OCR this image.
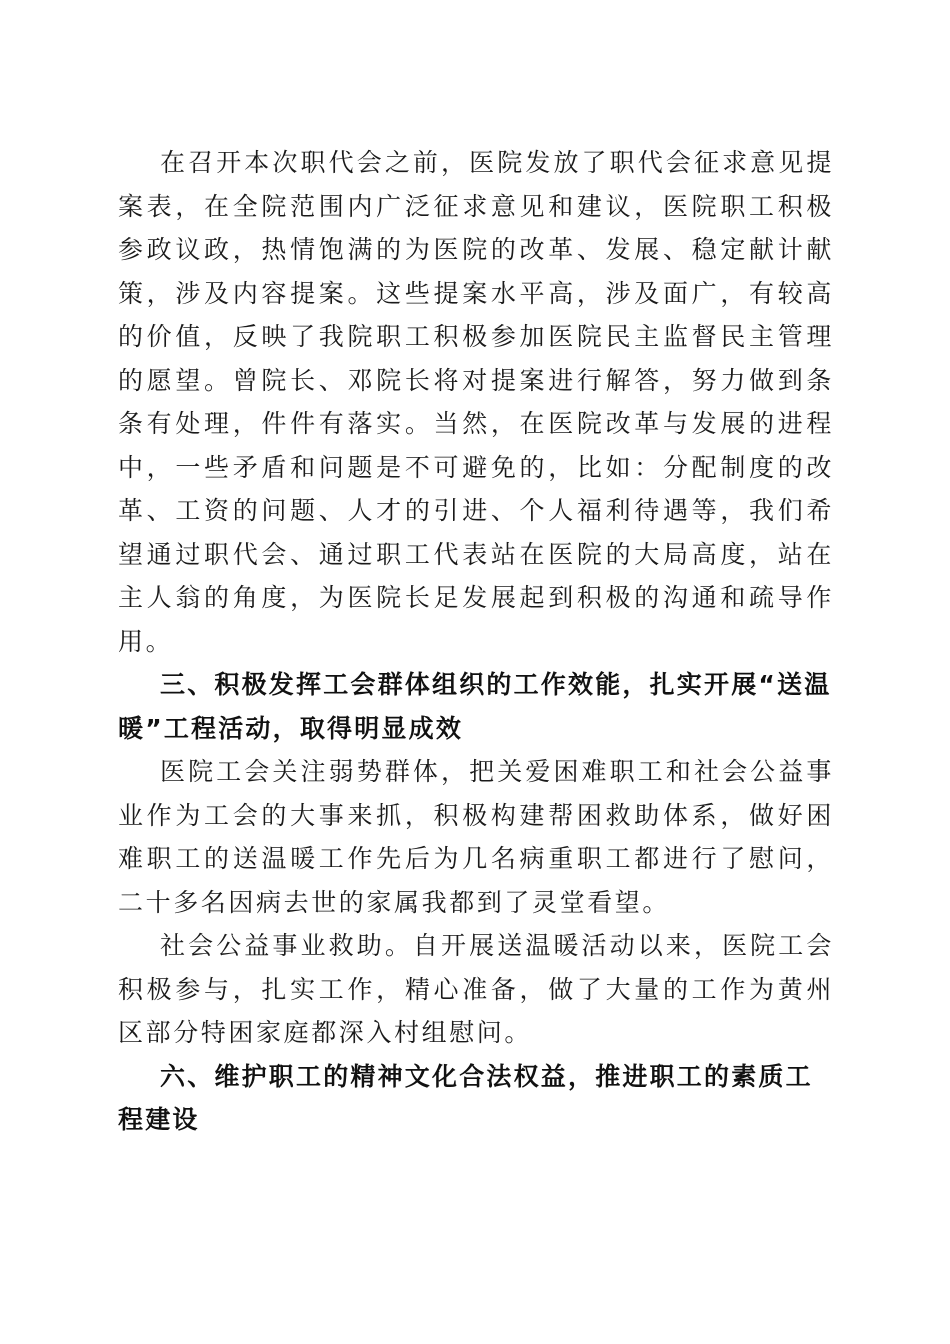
在召开本次职代会之前，医院发放了职代会征求意见提案表，在全院范围内广泛征求意见和建议，医院职工积极参政议政，热情饱满的为医院的改革、发展、稳定献计献策，涉及内容提案。这些提案水平高，涉及面广，有较高的价值，反映了我院职工积极参加医院民主监督民主管理的愿望。曾院长、邓院长将对提案进行解答，努力做到条条有处理，件件有落实。当然，在医院改革与发展的进程中，一些矛盾和问题是不可避免的，比如：分配制度的改革、工资的问题、人才的引进、个人福利待遇等，我们希望通过职代会、通过职工代表站在医院的大局高度，站在主人翁的角度，为医院长足发展起到积极的沟通和疏导作用。

三、积极发挥工会群体组织的工作效能，扎实开展“送温暖”工程活动，取得明显成效

医院工会关注弱势群体，把关爱困难职工和社会公益事业作为工会的大事来抓，积极构建帮困救助体系，做好困难职工的送温暖工作先后为几名病重职工都进行了慰问，二十多名因病去世的家属我都到了灵堂看望。

社会公益事业救助。自开展送温暖活动以来，医院工会积极参与，扎实工作，精心准备，做了大量的工作为黄州区部分特困家庭都深入村组慰问。

六、维护职工的精神文化合法权益，推进职工的素质工程建设
